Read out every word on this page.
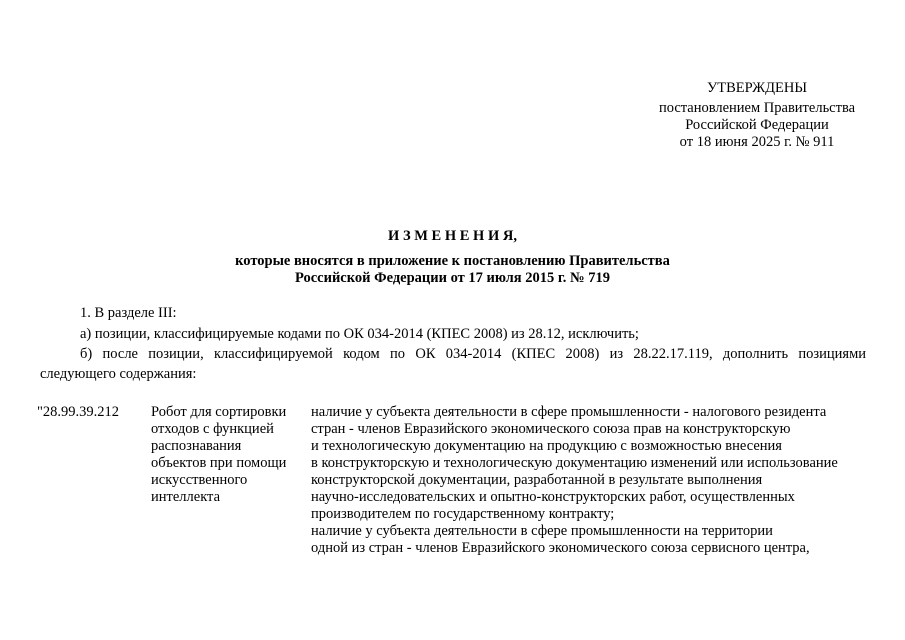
УТВЕРЖДЕНЫ
постановлением Правительства
Российской Федерации
от 18 июня 2025 г. № 911
И З М Е Н Е Н И Я,
которые вносятся в приложение к постановлению Правительства
Российской Федерации от 17 июля 2015 г. № 719
1. В разделе III:
а) позиции, классифицируемые кодами по ОК 034-2014 (КПЕС 2008) из 28.12, исключить;
б) после позиции, классифицируемой кодом по ОК 034-2014 (КПЕС 2008) из 28.22.17.119, дополнить позициями
следующего содержания:
"28.99.39.212 Робот для сортировки
отходов с функцией
распознавания
объектов при помощи
искусственного
интеллекта
наличие у субъекта деятельности в сфере промышленности - налогового резидента
стран - членов Евразийского экономического союза прав на конструкторскую
и технологическую документацию на продукцию с возможностью внесения
в конструкторскую и технологическую документацию изменений или использование
конструкторской документации, разработанной в результате выполнения
научно-исследовательских и опытно-конструкторских работ, осуществленных
производителем по государственному контракту;
наличие у субъекта деятельности в сфере промышленности на территории
одной из стран - членов Евразийского экономического союза сервисного центра,
